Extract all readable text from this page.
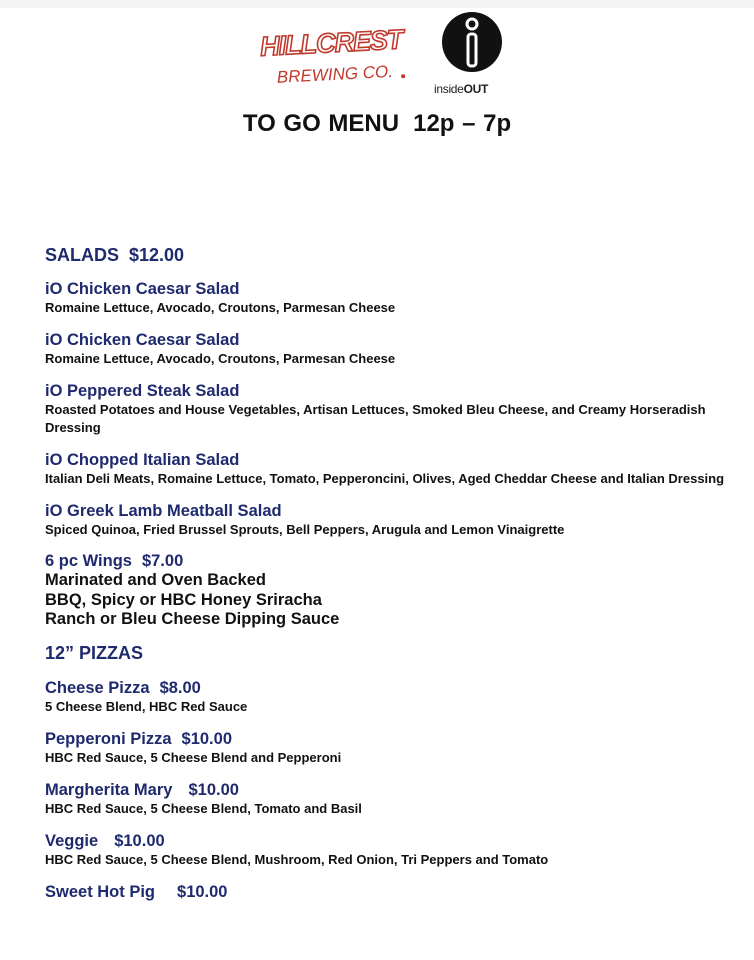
HILLCREST
BREWING CO.
insideOUT
TO GO MENU 12p – 7p
SALADS $12.00

iO Chicken Caesar Salad

Romaine Lettuce, Avocado, Croutons, Parmesan Cheese

iO Chicken Caesar Salad

Romaine Lettuce, Avocado, Croutons, Parmesan Cheese

iO Peppered Steak Salad

Roasted Potatoes and House Vegetables, Artisan Lettuces, Smoked Bleu Cheese, and Creamy Horseradish Dressing

iO Chopped Italian Salad

Italian Deli Meats, Romaine Lettuce, Tomato, Pepperoncini, Olives, Aged Cheddar Cheese and Italian Dressing

iO Greek Lamb Meatball Salad

Spiced Quinoa, Fried Brussel Sprouts, Bell Peppers, Arugula and Lemon Vinaigrette

6 pc Wings $7.00

Marinated and Oven Backed

BBQ, Spicy or HBC Honey Sriracha

Ranch or Bleu Cheese Dipping Sauce

12” PIZZAS

Cheese Pizza $8.00

5 Cheese Blend, HBC Red Sauce

Pepperoni Pizza $10.00

HBC Red Sauce, 5 Cheese Blend and Pepperoni

Margherita Mary $10.00

HBC Red Sauce, 5 Cheese Blend, Tomato and Basil

Veggie $10.00

HBC Red Sauce, 5 Cheese Blend, Mushroom, Red Onion, Tri Peppers and Tomato

Sweet Hot Pig $10.00
